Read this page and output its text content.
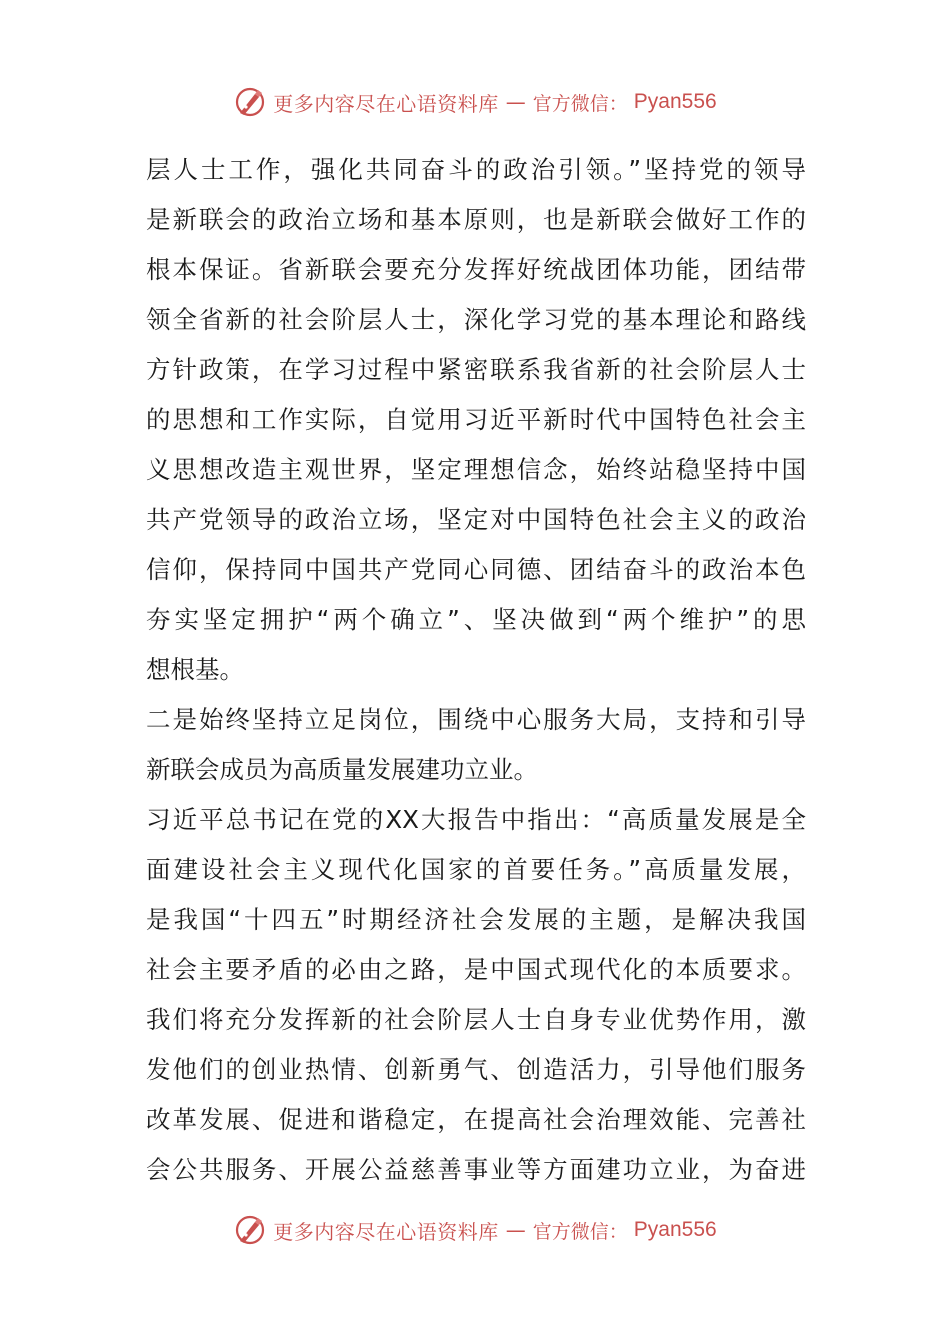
更多内容尽在心语资料库 — 官方微信： Pyan556
层人士工作，强化共同奋斗的政治引领。”坚持党的领导
是新联会的政治立场和基本原则，也是新联会做好工作的
根本保证。省新联会要充分发挥好统战团体功能，团结带
领全省新的社会阶层人士，深化学习党的基本理论和路线
方针政策，在学习过程中紧密联系我省新的社会阶层人士
的思想和工作实际，自觉用习近平新时代中国特色社会主
义思想改造主观世界，坚定理想信念，始终站稳坚持中国
共产党领导的政治立场，坚定对中国特色社会主义的政治
信仰，保持同中国共产党同心同德、团结奋斗的政治本色
夯实坚定拥护“两个确立”、坚决做到“两个维护”的思
想根基。
二是始终坚持立足岗位，围绕中心服务大局，支持和引导
新联会成员为高质量发展建功立业。
习近平总书记在党的XX大报告中指出：“高质量发展是全
面建设社会主义现代化国家的首要任务。”高质量发展，
是我国“十四五”时期经济社会发展的主题，是解决我国
社会主要矛盾的必由之路，是中国式现代化的本质要求。
我们将充分发挥新的社会阶层人士自身专业优势作用，激
发他们的创业热情、创新勇气、创造活力，引导他们服务
改革发展、促进和谐稳定，在提高社会治理效能、完善社
会公共服务、开展公益慈善事业等方面建功立业，为奋进
更多内容尽在心语资料库 — 官方微信： Pyan556
